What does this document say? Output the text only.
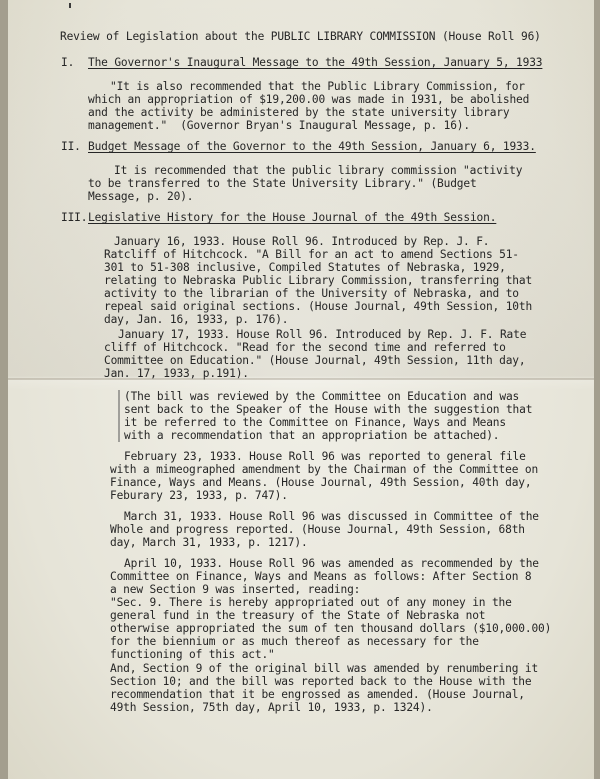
Review of Legislation about the PUBLIC LIBRARY COMMISSION (House Roll 96)
I. The Governor's Inaugural Message to the 49th Session, January 5, 1933
"It is also recommended that the Public Library Commission, for
which an appropriation of $19,200.00 was made in 1931, be abolished
and the activity be administered by the state university library
management."  (Governor Bryan's Inaugural Message, p. 16).
II. Budget Message of the Governor to the 49th Session, January 6, 1933.
It is recommended that the public library commission "activity
to be transferred to the State University Library." (Budget
Message, p. 20).
III. Legislative History for the House Journal of the 49th Session.
January 16, 1933. House Roll 96. Introduced by Rep. J. F.
Ratcliff of Hitchcock. "A Bill for an act to amend Sections 51-
301 to 51-308 inclusive, Compiled Statutes of Nebraska, 1929,
relating to Nebraska Public Library Commission, transferring that
activity to the librarian of the University of Nebraska, and to
repeal said original sections. (House Journal, 49th Session, 10th
day, Jan. 16, 1933, p. 176).
January 17, 1933. House Roll 96. Introduced by Rep. J. F. Rate
cliff of Hitchcock. "Read for the second time and referred to
Committee on Education." (House Journal, 49th Session, 11th day,
Jan. 17, 1933, p.191).
(The bill was reviewed by the Committee on Education and was
sent back to the Speaker of the House with the suggestion that
it be referred to the Committee on Finance, Ways and Means
with a recommendation that an appropriation be attached).
February 23, 1933. House Roll 96 was reported to general file
with a mimeographed amendment by the Chairman of the Committee on
Finance, Ways and Means. (House Journal, 49th Session, 40th day,
Feburary 23, 1933, p. 747).
March 31, 1933. House Roll 96 was discussed in Committee of the
Whole and progress reported. (House Journal, 49th Session, 68th
day, March 31, 1933, p. 1217).
April 10, 1933. House Roll 96 was amended as recommended by the
Committee on Finance, Ways and Means as follows: After Section 8
a new Section 9 was inserted, reading:
"Sec. 9. There is hereby appropriated out of any money in the
general fund in the treasury of the State of Nebraska not
otherwise appropriated the sum of ten thousand dollars ($10,000.00)
for the biennium or as much thereof as necessary for the
functioning of this act."
And, Section 9 of the original bill was amended by renumbering it
Section 10; and the bill was reported back to the House with the
recommendation that it be engrossed as amended. (House Journal,
49th Session, 75th day, April 10, 1933, p. 1324).
